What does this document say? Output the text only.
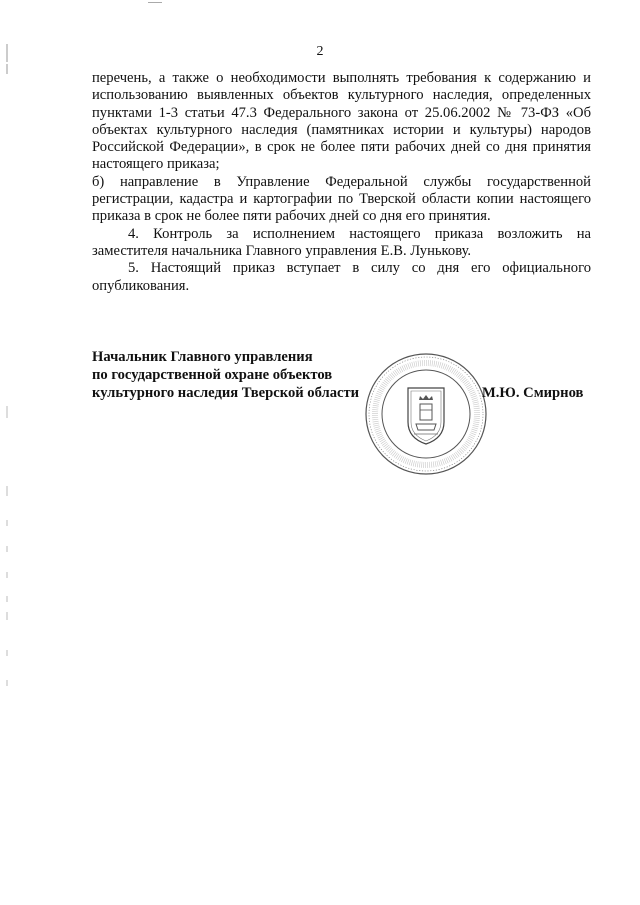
2

перечень, а также о необходимости выполнять требования к содержанию и использованию выявленных объектов культурного наследия, определенных пунктами 1-3 статьи 47.3 Федерального закона от 25.06.2002 № 73-ФЗ «Об объектах культурного наследия (памятниках истории и культуры) народов Российской Федерации», в срок не более пяти рабочих дней со дня принятия настоящего приказа;

б) направление в Управление Федеральной службы государственной регистрации, кадастра и картографии по Тверской области копии настоящего приказа в срок не более пяти рабочих дней со дня его принятия.

4. Контроль за исполнением настоящего приказа возложить на заместителя начальника Главного управления Е.В. Лунькову.

5. Настоящий приказ вступает в силу со дня его официального опубликования.

Начальник Главного управления
по государственной охране объектов
культурного наследия Тверской области	М.Ю. Смирнов
